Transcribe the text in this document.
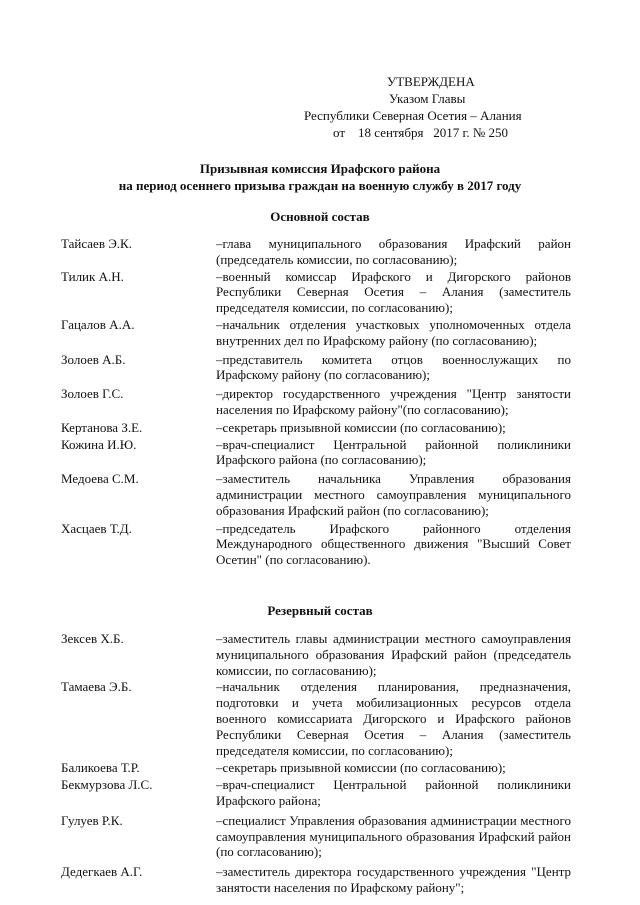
УТВЕРЖДЕНА
Указом Главы
Республики Северная Осетия – Алания
от    18 сентября   2017 г. № 250
Призывная комиссия Ирафского района
на период осеннего призыва граждан на военную службу в 2017 году
Основной состав
Тайсаев Э.К.	–глава муниципального образования Ирафский район (председатель комиссии, по согласованию);
Тилик А.Н.	–военный комиссар Ирафского и Дигорского районов Республики Северная Осетия – Алания (заместитель председателя комиссии, по согласованию);
Гацалов А.А.	–начальник отделения участковых уполномоченных отдела внутренних дел по Ирафскому району (по согласованию);
Золоев А.Б.	–представитель комитета отцов военнослужащих по Ирафскому району (по согласованию);
Золоев Г.С.	–директор государственного учреждения "Центр занятости населения по Ирафскому району"(по согласованию);
Кертанова З.Е.	–секретарь призывной комиссии (по согласованию);
Кожина И.Ю.	–врач-специалист Центральной районной поликлиники Ирафского района (по согласованию);
Медоева С.М.	–заместитель начальника Управления образования администрации местного самоуправления муниципального образования Ирафский район (по согласованию);
Хасцаев Т.Д.	–председатель Ирафского районного отделения Международного общественного движения "Высший Совет Осетин" (по согласованию).
Резервный состав
Зексев Х.Б.	–заместитель главы администрации местного самоуправления муниципального образования Ирафский район (председатель комиссии, по согласованию);
Тамаева Э.Б.	–начальник отделения планирования, предназначения, подготовки и учета мобилизационных ресурсов отдела военного комиссариата Дигорского и Ирафского районов Республики Северная Осетия – Алания (заместитель председателя комиссии, по согласованию);
Баликоева Т.Р.	–секретарь призывной комиссии (по согласованию);
Бекмурзова Л.С.	–врач-специалист Центральной районной поликлиники Ирафского района;
Гулуев Р.К.	–специалист Управления образования администрации местного самоуправления муниципального образования Ирафский район (по согласованию);
Дедегкаев А.Г.	–заместитель директора государственного учреждения "Центр занятости населения по Ирафскому району";
